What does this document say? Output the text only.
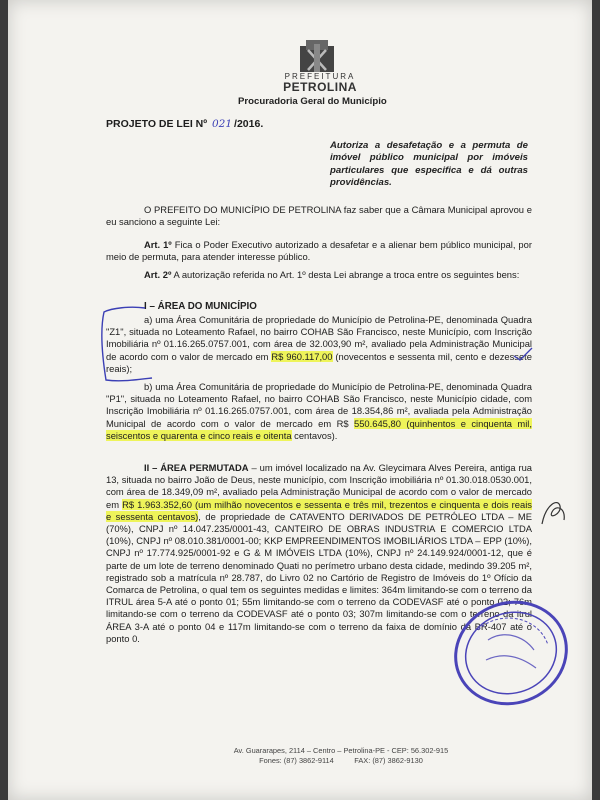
PREFEITURA
PETROLINA
Procuradoria Geral do Município
PROJETO DE LEI Nº 021 /2016.

Autoriza a desafetação e a permuta de imóvel público municipal por imóveis particulares que especifica e dá outras providências.

O PREFEITO DO MUNICÍPIO DE PETROLINA faz saber que a Câmara Municipal aprovou e eu sanciono a seguinte Lei:

Art. 1º Fica o Poder Executivo autorizado a desafetar e a alienar bem público municipal, por meio de permuta, para atender interesse público.

Art. 2º A autorização referida no Art. 1º desta Lei abrange a troca entre os seguintes bens:

I – ÁREA DO MUNICÍPIO

a) uma Área Comunitária de propriedade do Município de Petrolina-PE, denominada Quadra "Z1", situada no Loteamento Rafael, no bairro COHAB São Francisco, neste Município, com Inscrição Imobiliária nº 01.16.265.0757.001, com área de 32.003,90 m², avaliado pela Administração Municipal de acordo com o valor de mercado em R$ 960.117,00 (novecentos e sessenta mil, cento e dezessete reais);

b) uma Área Comunitária de propriedade do Município de Petrolina-PE, denominada Quadra "P1", situada no Loteamento Rafael, no bairro COHAB São Francisco, neste Município cidade, com Inscrição Imobiliária nº 01.16.265.0757.001, com área de 18.354,86 m², avaliada pela Administração Municipal de acordo com o valor de mercado em R$ 550.645,80 (quinhentos e cinquenta mil, seiscentos e quarenta e cinco reais e oitenta centavos).

II – ÁREA PERMUTADA – um imóvel localizado na Av. Gleycimara Alves Pereira, antiga rua 13, situada no bairro João de Deus, neste município, com Inscrição imobiliária nº 01.30.018.0530.001, com área de 18.349,09 m², avaliado pela Administração Municipal de acordo com o valor de mercado em R$ 1.963.352,60 (um milhão novecentos e sessenta e três mil, trezentos e cinquenta e dois reais e sessenta centavos), de propriedade de CATAVENTO DERIVADOS DE PETRÓLEO LTDA – ME (70%), CNPJ nº 14.047.235/0001-43, CANTEIRO DE OBRAS INDUSTRIA E COMERCIO LTDA (10%), CNPJ nº 08.010.381/0001-00; KKP EMPREENDIMENTOS IMOBILIÁRIOS LTDA – EPP (10%), CNPJ nº 17.774.925/0001-92 e G & M IMÓVEIS LTDA (10%), CNPJ nº 24.149.924/0001-12, que é parte de um lote de terreno denominado Quati no perímetro urbano desta cidade, medindo 39.205 m², registrado sob a matrícula nº 28.787, do Livro 02 no Cartório de Registro de Imóveis do 1º Ofício da Comarca de Petrolina, o qual tem os seguintes medidas e limites: 364m limitando-se com o terreno da ITRUL área 5-A até o ponto 01; 55m limitando-se com o terreno da CODEVASF até o ponto 02; 76m limitando-se com o terreno da CODEVASF até o ponto 03; 307m limitando-se com o terreno da itrul ÁREA 3-A até o ponto 04 e 117m limitando-se com o terreno da faixa de domínio da BR-407 até o ponto 0.

Av. Guararapes, 2114 – Centro – Petrolina-PE - CEP: 56.302-915
Fones: (87) 3862-9114          FAX: (87) 3862-9130
